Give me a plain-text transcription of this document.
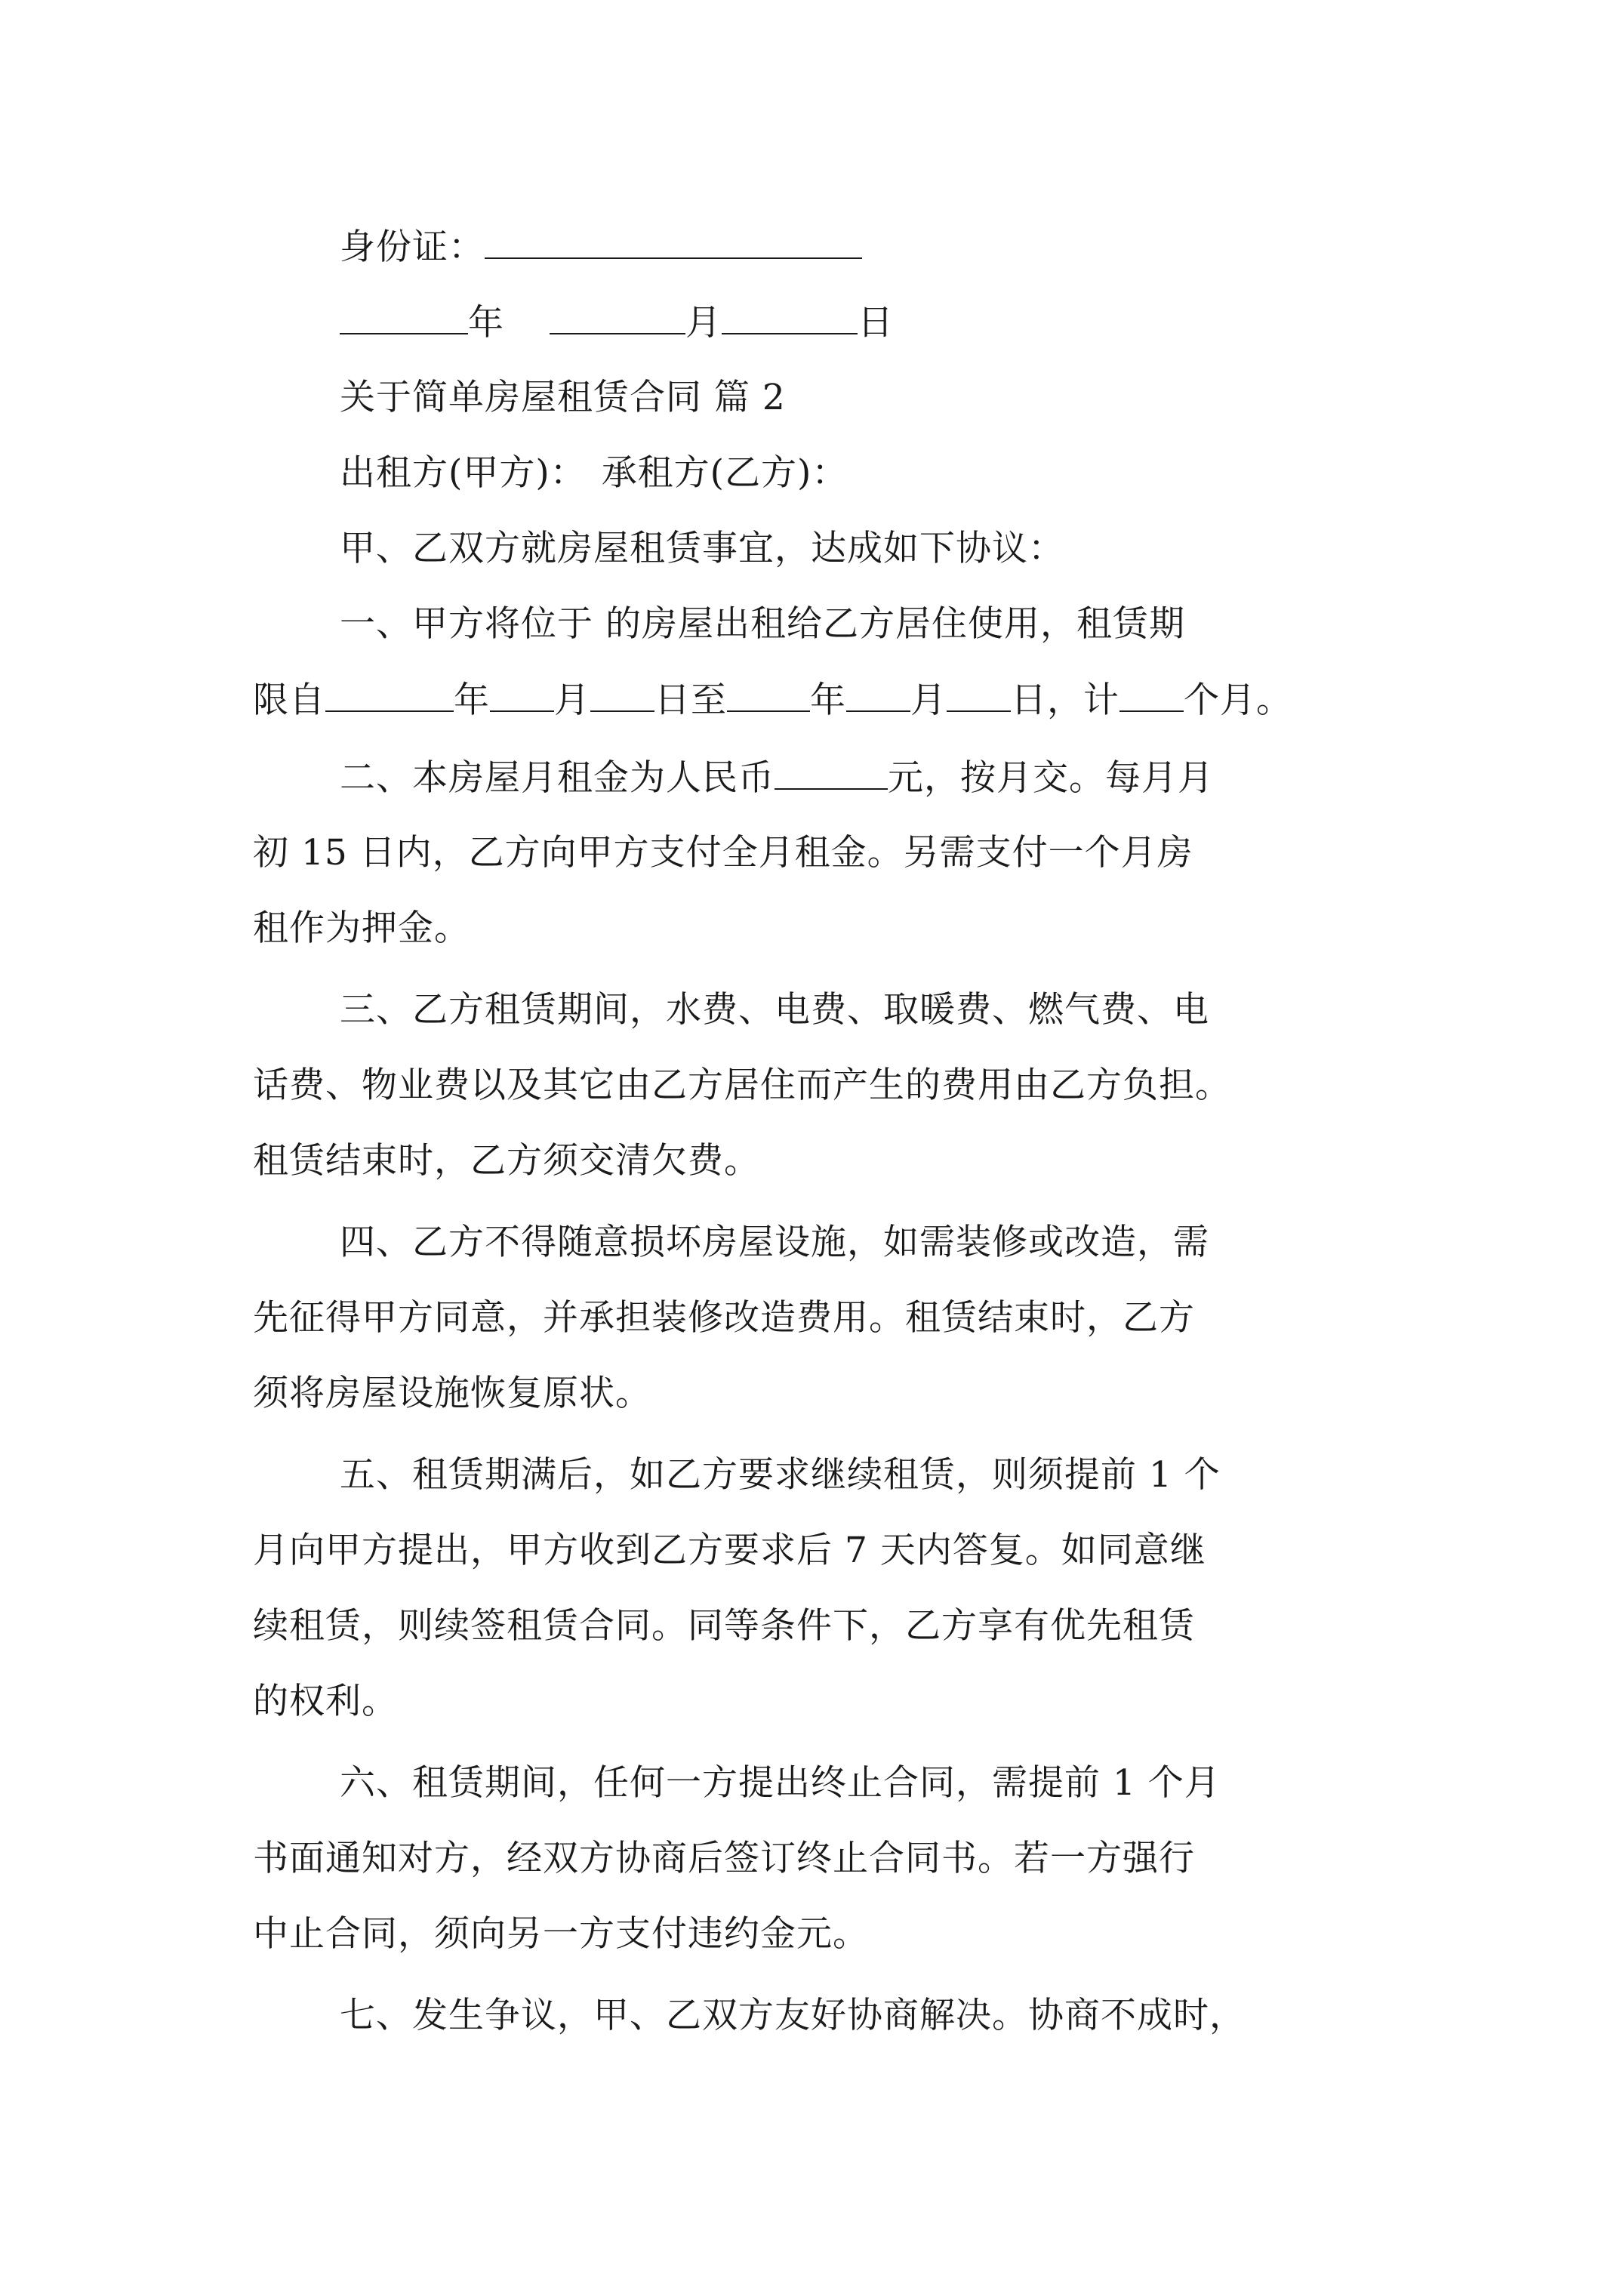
身份证：
年	月	日
关于简单房屋租赁合同 篇 2
出租方(甲方)： 承租方(乙方)：
甲、乙双方就房屋租赁事宜，达成如下协议：
一、甲方将位于 的房屋出租给乙方居住使用，租赁期
限自	年 月 日至 年 月 日，计 个月。
二、本房屋月租金为人民币	元，按月交。每月月
初 15 日内，乙方向甲方支付全月租金。另需支付一个月房
租作为押金。
三、乙方租赁期间，水费、电费、取暖费、燃气费、电
话费、物业费以及其它由乙方居住而产生的费用由乙方负担。
租赁结束时，乙方须交清欠费。
四、乙方不得随意损坏房屋设施，如需装修或改造，需
先征得甲方同意，并承担装修改造费用。租赁结束时，乙方
须将房屋设施恢复原状。
五、租赁期满后，如乙方要求继续租赁，则须提前 1 个
月向甲方提出，甲方收到乙方要求后 7 天内答复。如同意继
续租赁，则续签租赁合同。同等条件下，乙方享有优先租赁
的权利。
六、租赁期间，任何一方提出终止合同，需提前 1 个月
书面通知对方，经双方协商后签订终止合同书。若一方强行
中止合同，须向另一方支付违约金元。
七、发生争议，甲、乙双方友好协商解决。协商不成时，
